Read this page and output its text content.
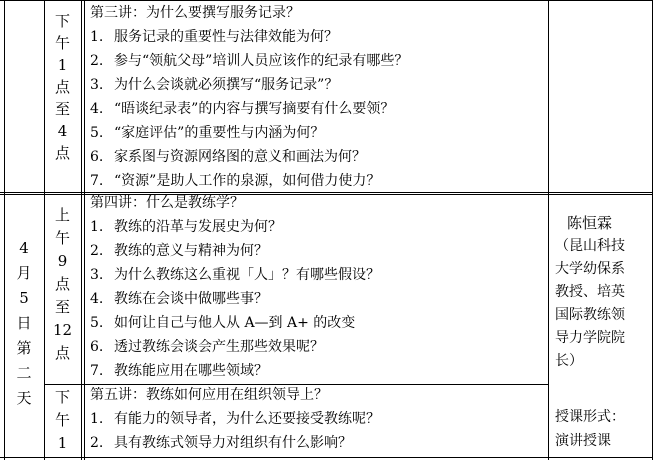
下
午
1
点
至
4
点
第三讲：为什么要撰写服务记录？
1. 服务记录的重要性与法律效能为何？
2. 参与“领航父母”培训人员应该作的纪录有哪些？
3. 为什么会谈就必须撰写“服务记录”？
4. “晤谈纪录表”的内容与撰写摘要有什么要领？
5. “家庭评估”的重要性与内涵为何？
6. 家系图与资源网络图的意义和画法为何？
7. “资源”是助人工作的泉源，如何借力使力？
4
月
5
日
第
二
天
上
午
9
点
至
12
点
第四讲：什么是教练学？
1. 教练的沿革与发展史为何？
2. 教练的意义与精神为何？
3. 为什么教练这么重视「人」？有哪些假设？
4. 教练在会谈中做哪些事？
5. 如何让自己与他人从 A—到 A+ 的改变
6. 透过教练会谈会产生那些效果呢？
7. 教练能应用在哪些领域？
下
午
1
第五讲：教练如何应用在组织领导上？
1. 有能力的领导者，为什么还要接受教练呢？
2. 具有教练式领导力对组织有什么影响？
陈恒霖
（昆山科技
大学幼保系
教授、培英
国际教练领
导力学院院
长）
授课形式：
演讲授课
